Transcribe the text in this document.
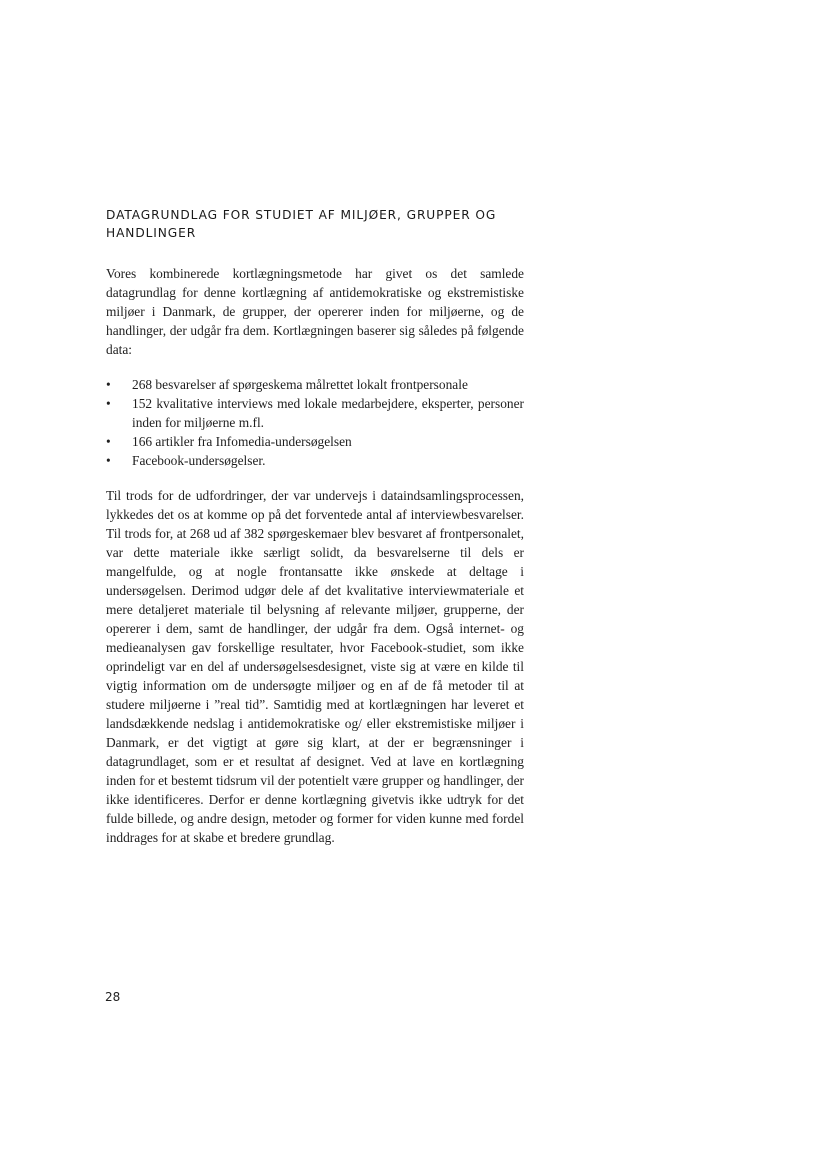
DATAGRUNDLAG FOR STUDIET AF MILJØER, GRUPPER OG HANDLINGER

Vores kombinerede kortlægningsmetode har givet os det samlede datagrundlag for denne kortlægning af antidemokratiske og ekstremistiske miljøer i Danmark, de grupper, der opererer inden for miljøerne, og de handlinger, der udgår fra dem. Kortlægningen baserer sig således på følgende data:

• 268 besvarelser af spørgeskema målrettet lokalt frontpersonale
• 152 kvalitative interviews med lokale medarbejdere, eksperter, personer inden for miljøerne m.fl.
• 166 artikler fra Infomedia-undersøgelsen
• Facebook-undersøgelser.

Til trods for de udfordringer, der var undervejs i dataindsamlingsprocessen, lykkedes det os at komme op på det forventede antal af interviewbesvarelser. Til trods for, at 268 ud af 382 spørgeskemaer blev besvaret af frontpersonalet, var dette materiale ikke særligt solidt, da besvarelserne til dels er mangelfulde, og at nogle frontansatte ikke ønskede at deltage i undersøgelsen. Derimod udgør dele af det kvalitative interviewmateriale et mere detaljeret materiale til belysning af relevante miljøer, grupperne, der opererer i dem, samt de handlinger, der udgår fra dem. Også internet- og medieanalysen gav forskellige resultater, hvor Facebook-studiet, som ikke oprindeligt var en del af undersøgelsesdesignet, viste sig at være en kilde til vigtig information om de undersøgte miljøer og en af de få metoder til at studere miljøerne i ”real tid”. Samtidig med at kortlægningen har leveret et landsdækkende nedslag i antidemokratiske og/ eller ekstremistiske miljøer i Danmark, er det vigtigt at gøre sig klart, at der er begrænsninger i datagrundlaget, som er et resultat af designet. Ved at lave en kortlægning inden for et bestemt tidsrum vil der potentielt være grupper og handlinger, der ikke identificeres. Derfor er denne kortlægning givetvis ikke udtryk for det fulde billede, og andre design, metoder og former for viden kunne med fordel inddrages for at skabe et bredere grundlag.

28
